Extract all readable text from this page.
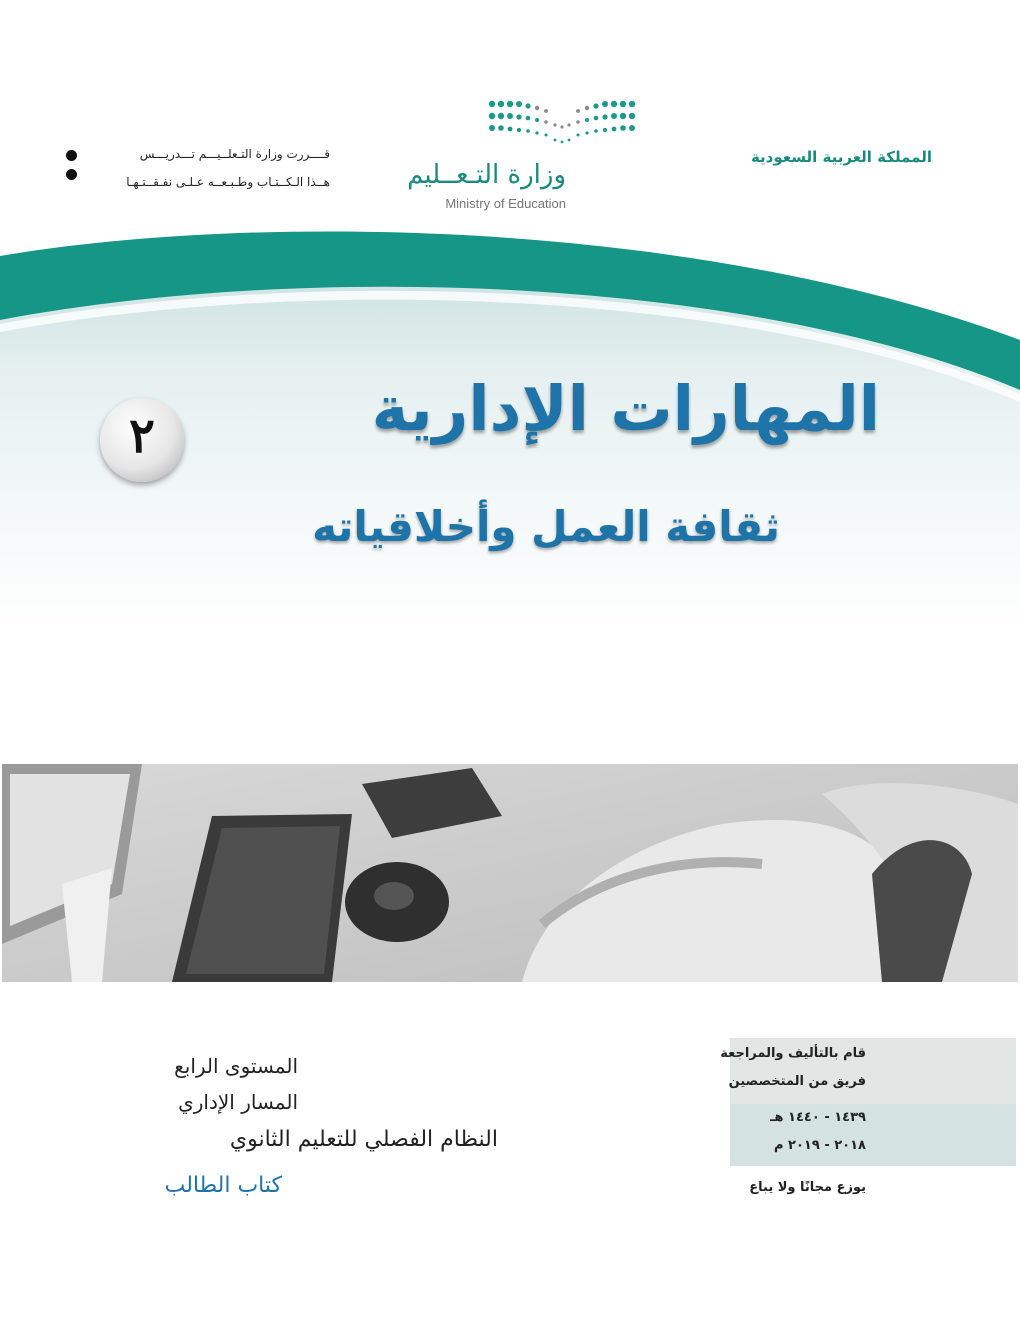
المملكة العربية السعودية
قــــررت وزارة التـعلــيـــم تـــدريـــس
هــذا الـكــتـاب وطـبـعــه عـلـى نفـقــتـهـا	وزارة التـعــليم
Ministry of Education
المهارات الإدارية
٢
ثقافة العمل وأخلاقياته
المستوى الرابع
المسار الإداري
النظام الفصلي للتعليم الثانوي
كتاب الطالب
قام بالتأليف والمراجعة
فريق من المتخصصين
١٤٣٩ - ١٤٤٠ هـ
٢٠١٨ - ٢٠١٩ م
يوزع مجانًا ولا يباع
